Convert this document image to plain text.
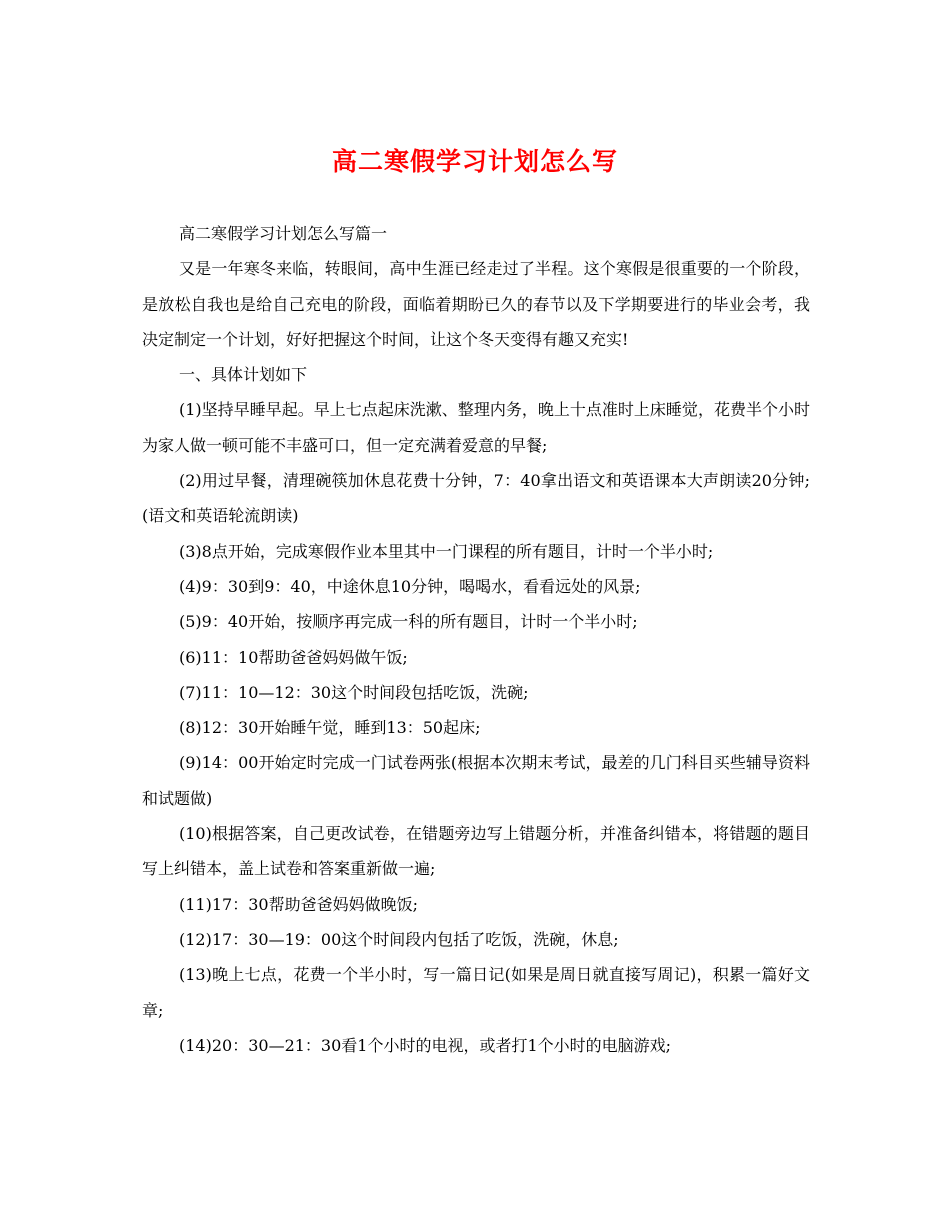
高二寒假学习计划怎么写

高二寒假学习计划怎么写篇一

又是一年寒冬来临，转眼间，高中生涯已经走过了半程。这个寒假是很重要的一个阶段，是放松自我也是给自己充电的阶段，面临着期盼已久的春节以及下学期要进行的毕业会考，我决定制定一个计划，好好把握这个时间，让这个冬天变得有趣又充实!

一、具体计划如下

(1)坚持早睡早起。早上七点起床洗漱、整理内务，晚上十点准时上床睡觉，花费半个小时为家人做一顿可能不丰盛可口，但一定充满着爱意的早餐;

(2)用过早餐，清理碗筷加休息花费十分钟，7：40拿出语文和英语课本大声朗读20分钟;(语文和英语轮流朗读)

(3)8点开始，完成寒假作业本里其中一门课程的所有题目，计时一个半小时;

(4)9：30到9：40，中途休息10分钟，喝喝水，看看远处的风景;

(5)9：40开始，按顺序再完成一科的所有题目，计时一个半小时;

(6)11：10帮助爸爸妈妈做午饭;

(7)11：10—12：30这个时间段包括吃饭，洗碗;

(8)12：30开始睡午觉，睡到13：50起床;

(9)14：00开始定时完成一门试卷两张(根据本次期末考试，最差的几门科目买些辅导资料和试题做)

(10)根据答案，自己更改试卷，在错题旁边写上错题分析，并准备纠错本，将错题的题目写上纠错本，盖上试卷和答案重新做一遍;

(11)17：30帮助爸爸妈妈做晚饭;

(12)17：30—19：00这个时间段内包括了吃饭，洗碗，休息;

(13)晚上七点，花费一个半小时，写一篇日记(如果是周日就直接写周记)，积累一篇好文章;

(14)20：30—21：30看1个小时的电视，或者打1个小时的电脑游戏;
